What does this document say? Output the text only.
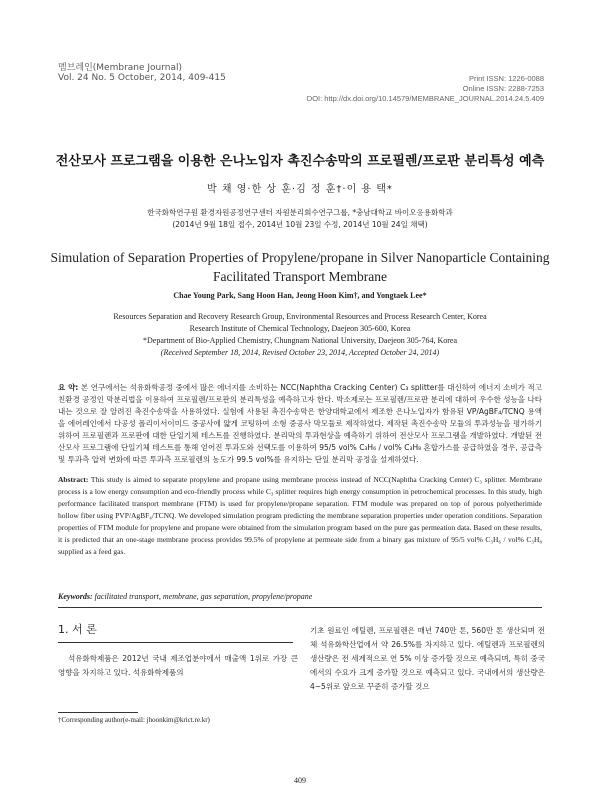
멤브레인(Membrane Journal)
Vol. 24 No. 5 October, 2014, 409-415	Print ISSN: 1226-0088
Online ISSN: 2288-7253
DOI: http://dx.doi.org/10.14579/MEMBRANE_JOURNAL.2014.24.5.409
전산모사 프로그램을 이용한 은나노입자 촉진수송막의 프로필렌/프로판 분리특성 예측
박 채 영·한 상 훈·김 정 훈†·이 용 택*
한국화학연구원 환경자원공정연구센터 자원분리회수연구그룹, *충남대학교 바이오응용화학과
(2014년 9월 18일 접수, 2014년 10월 23일 수정, 2014년 10월 24일 채택)
Simulation of Separation Properties of Propylene/propane in Silver Nanoparticle Containing
Facilitated Transport Membrane
Chae Young Park, Sang Hoon Han, Jeong Hoon Kim†, and Yongtaek Lee*
Resources Separation and Recovery Research Group, Environmental Resources and Process Research Center, Korea
Research Institute of Chemical Technology, Daejeon 305-600, Korea
*Department of Bio-Applied Chemistry, Chungnam National University, Daejeon 305-764, Korea
(Received September 18, 2014, Revised October 23, 2014, Accepted October 24, 2014)
요 약: 본 연구에서는 석유화학공정 중에서 많은 에너지를 소비하는 NCC(Naphtha Cracking Center) C₃ splitter를 대신하여 에너지 소비가 적고 친환경 공정인 막분리법을 이용하여 프로필렌/프로판의 분리특성을 예측하고자 한다. 박소제로는 프로필렌/프로판 분리에 대하여 우수한 성능을 나타내는 것으로 잘 알려진 촉진수송막을 사용하였다. 실험에 사용된 촉진수송막은 한양대학교에서 제조한 은나노입자가 함유된 VP/AgBF₄/TCNQ 용액을 에어레인에서 다공성 폴리이서이미드 중공사에 얇게 코팅하여 소형 중공사 막모듈로 제작하였다. 제작된 촉진수송막 모듈의 투과성능을 평가하기 위하여 프로필렌과 프로판에 대한 단일기체 테스트를 진행하였다. 분리막의 투과현상을 예측하기 위하여 전산모사 프로그램을 개발하였다. 개발된 전산모사 프로그램에 단일기체 테스트를 통해 얻어진 투과도와 선택도를 이용하여 95/5 vol% C₃H₆ / vol% C₃H₈ 혼합가스를 공급하였을 경우, 공급측 및 투과측 압력 변화에 따른 투과측 프로필렌의 농도가 99.5 vol%를 유지하는 단일 분리막 공정을 설계하였다.
Abstract: This study is aimed to separate propylene and propane using membrane process instead of NCC(Naphtha Cracking Center) C₃ splitter. Membrane process is a low energy consumption and eco-friendly process while C₃ splitter requires high energy consumption in petrochemical processes. In this study, high performance facilitated transport membrane (FTM) is used for propylene/propane separation. FTM module was prepared on top of porous polyetherimide hollow fiber using PVP/AgBF₄/TCNQ. We developed simulation program predicting the membrane separation properties under operation conditions. Separation properties of FTM module for propylene and propane were obtained from the simulation program based on the pure gas permeation data. Based on these results, it is predicted that an one-stage membrane process provides 99.5% of propylene at permeate side from a binary gas mixture of 95/5 vol% C₃H₆ / vol% C₃H₈ supplied as a feed gas.
Keywords: facilitated transport, membrane, gas separation, propylene/propane
1. 서 론
석유화학제품은 2012년 국내 제조업분야에서 매출액 1위로 가장 큰 영향을 차지하고 있다. 석유화학제품의
기초 원료인 에틸렌, 프로필렌은 매년 740만 톤, 560만 톤 생산되며 전체 석유화학산업에서 약 26.5%를 차지하고 있다. 에틸렌과 프로필렌의 생산량은 전 세계적으로 연 5% 이상 증가할 것으로 예측되며, 특히 중국에서의 수요가 크게 증가할 것으로 예측되고 있다. 국내에서의 생산량은 4~5위로 앞으로 꾸준히 증가할 것으
†Corresponding author(e-mail: jhoonkim@krict.re.kr)
409
